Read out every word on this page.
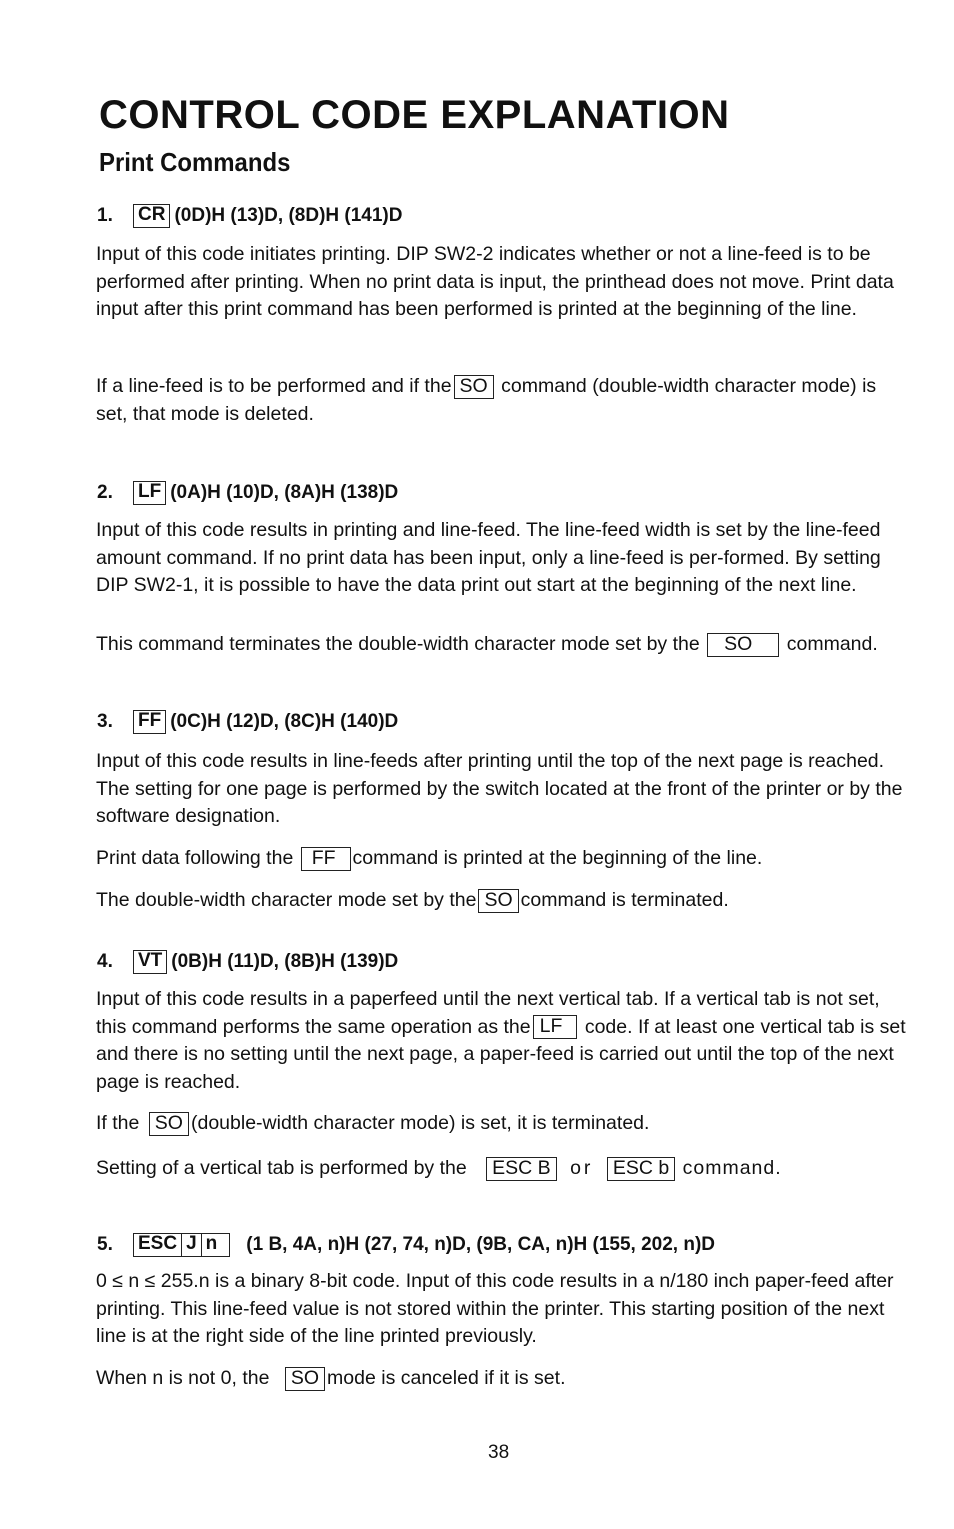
CONTROL CODE EXPLANATION
Print Commands
1.	CR (0D)H (13)D, (8D)H (141)D
Input of this code initiates printing. DIP SW2-2 indicates whether or not a line-feed is to be performed after printing. When no print data is input, the printhead does not move. Print data input after this print command has been performed is printed at the beginning of the line.
If a line-feed is to be performed and if the SO command (double-width character mode) is set, that mode is deleted.
2.	LF (0A)H (10)D, (8A)H (138)D
Input of this code results in printing and line-feed. The line-feed width is set by the line-feed amount command. If no print data has been input, only a line-feed is per-formed. By setting DIP SW2-1, it is possible to have the data print out start at the beginning of the next line.
This command terminates the double-width character mode set by the SO command.
3.	FF (0C)H (12)D, (8C)H (140)D
Input of this code results in line-feeds after printing until the top of the next page is reached. The setting for one page is performed by the switch located at the front of the printer or by the software designation.
Print data following the FF command is printed at the beginning of the line.
The double-width character mode set by the SO command is terminated.
4.	VT (0B)H (11)D, (8B)H (139)D
Input of this code results in a paperfeed until the next vertical tab. If a vertical tab is not set, this command performs the same operation as the LF code. If at least one vertical tab is set and there is no setting until the next page, a paper-feed is carried out until the top of the next page is reached.
If the SO (double-width character mode) is set, it is terminated.
Setting of a vertical tab is performed by the ESC B or ESC b command.
5.	ESC J n	(1 B, 4A, n)H (27, 74, n)D, (9B, CA, n)H (155, 202, n)D
0 ≤ n ≤ 255.n is a binary 8-bit code. Input of this code results in a n/180 inch paper-feed after printing. This line-feed value is not stored within the printer. This starting position of the next line is at the right side of the line printed previously.
When n is not 0, the SO mode is canceled if it is set.
38
